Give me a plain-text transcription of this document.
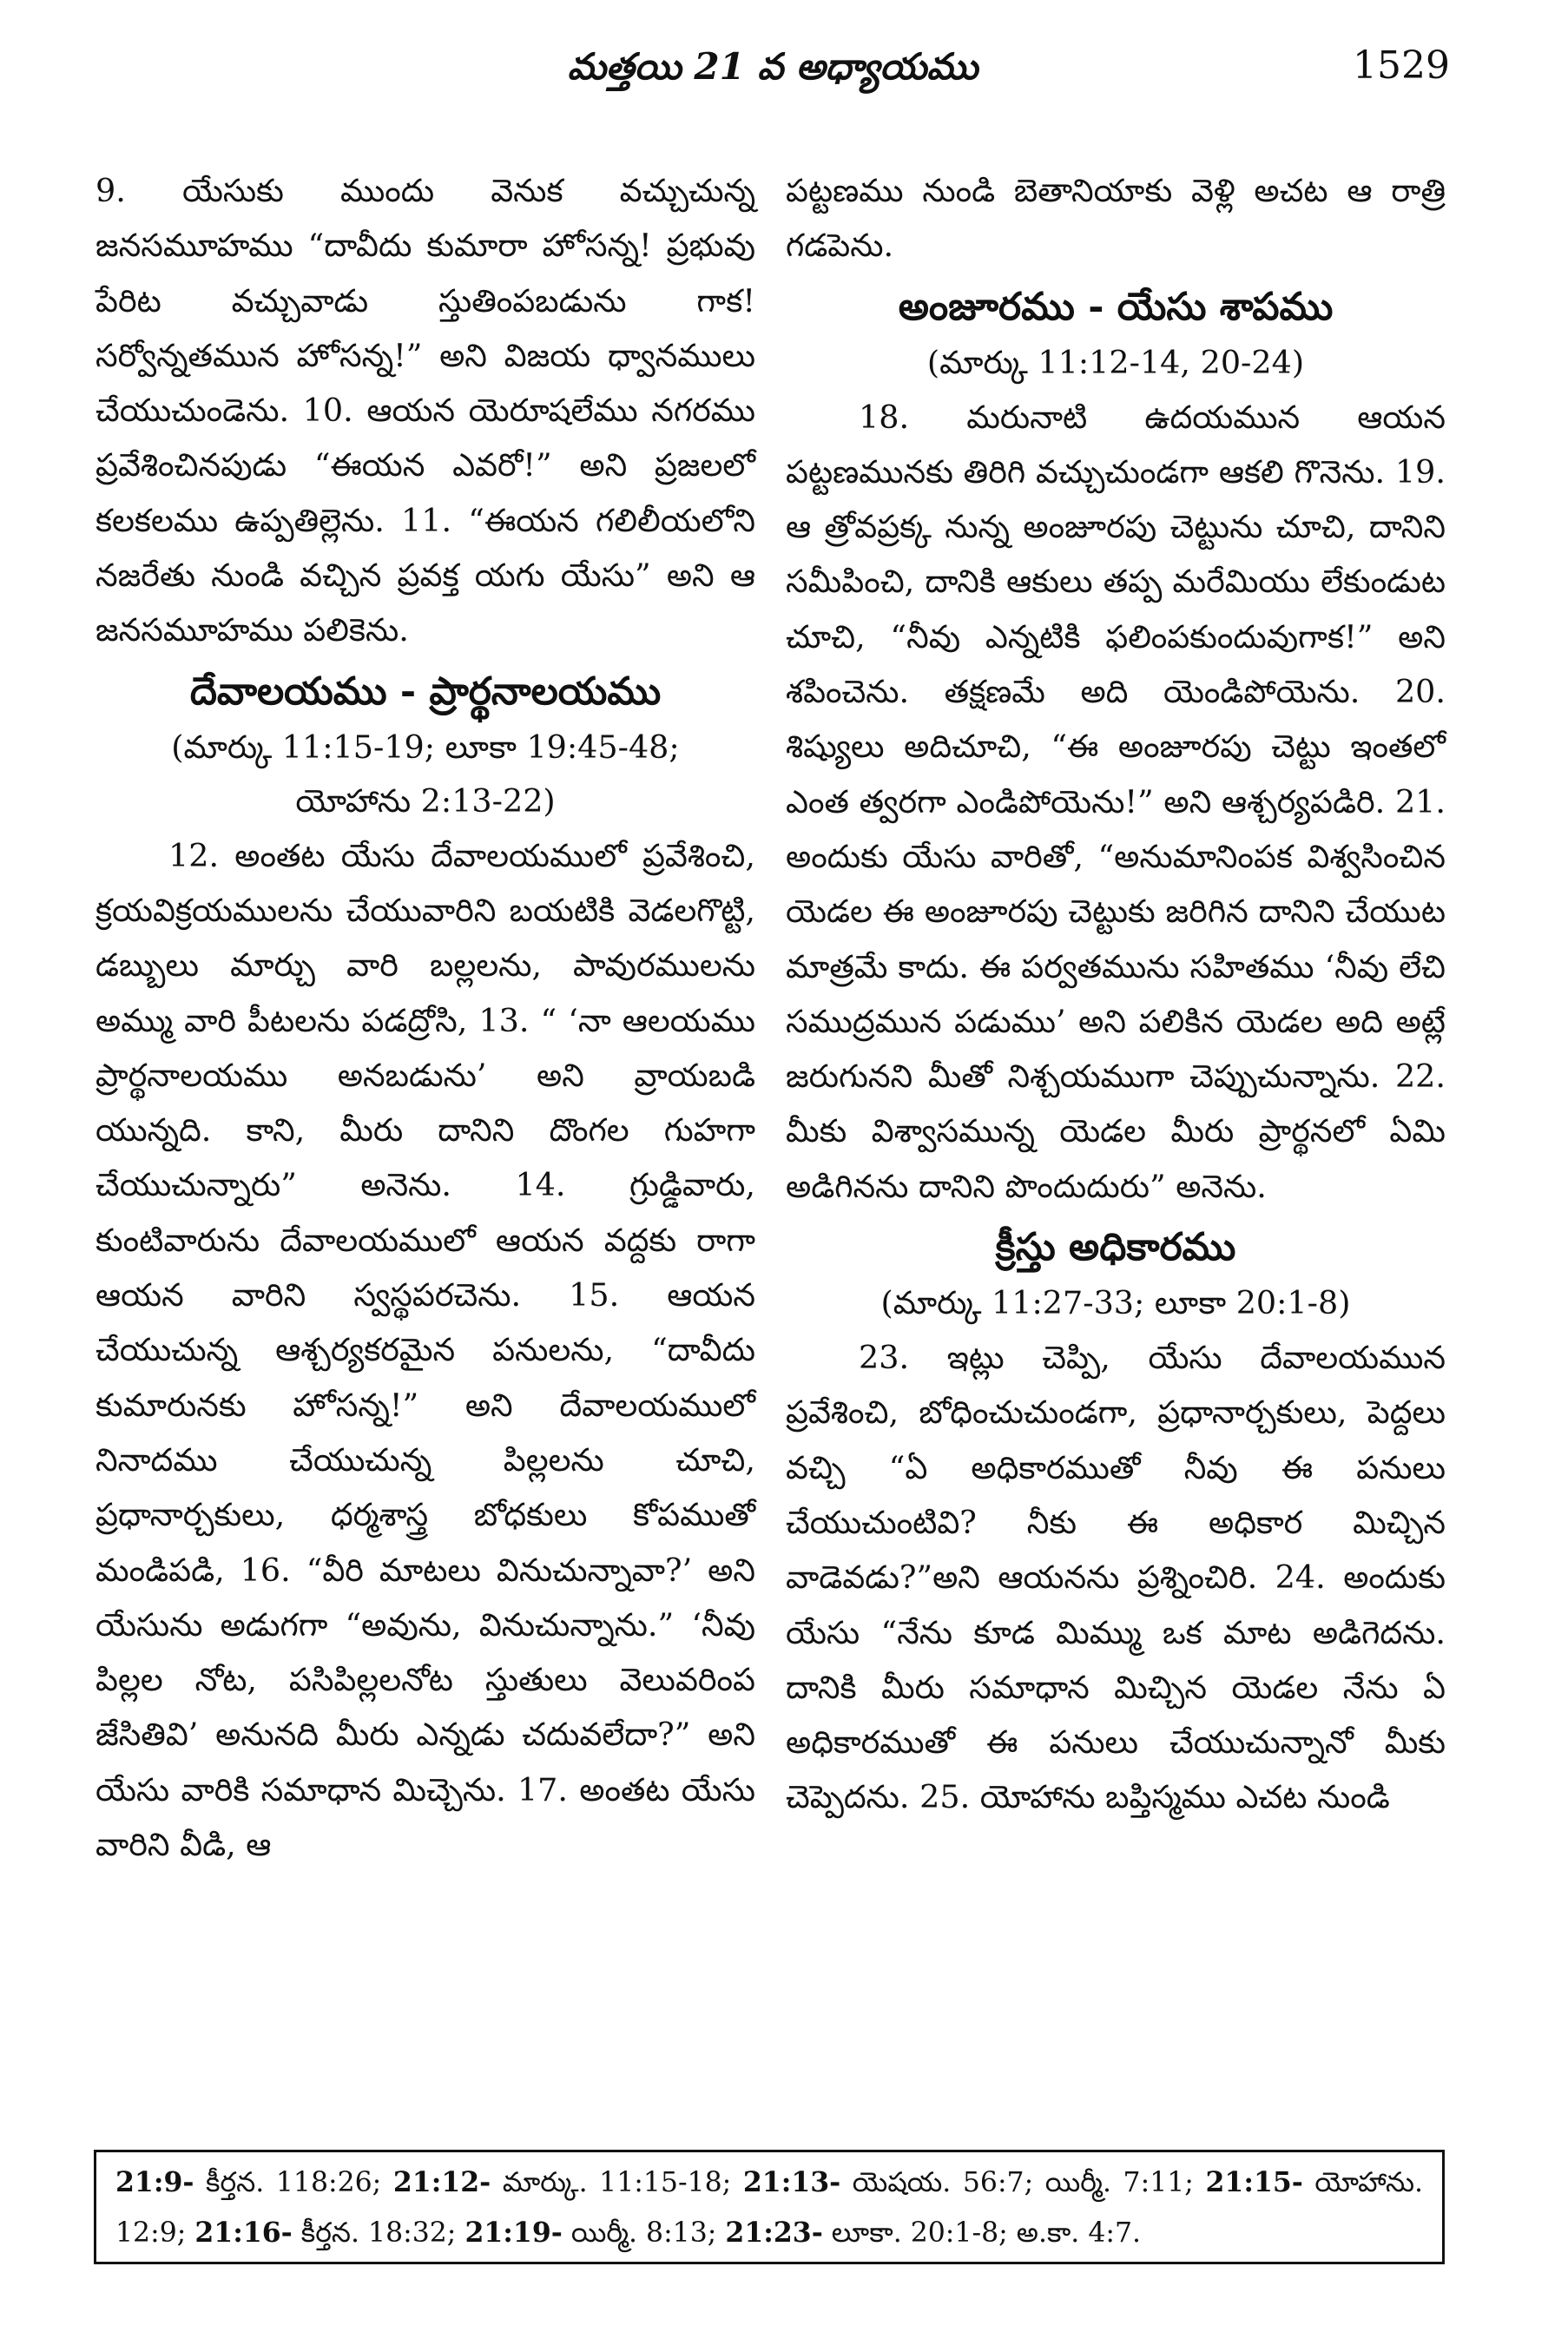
మత్తయి 21 వ అధ్యాయము	1529

9. యేసుకు ముందు వెనుక వచ్చుచున్న జనసమూహము “దావీదు కుమారా హోసన్న! ప్రభువు పేరిట వచ్చువాడు స్తుతింపబడును గాక! సర్వోన్నతమున హోసన్న!” అని విజయ ధ్వానములు చేయుచుండెను. 10. ఆయన యెరూషలేము నగరము ప్రవేశించినపుడు “ఈయన ఎవరో!” అని ప్రజలలో కలకలము ఉప్పతిల్లెను. 11. “ఈయన గలిలీయలోని నజరేతు నుండి వచ్చిన ప్రవక్త యగు యేసు” అని ఆ జనసమూహము పలికెను.

దేవాలయము - ప్రార్థనాలయము
(మార్కు 11:15-19; లూకా 19:45-48;
యోహాను 2:13-22)

12. అంతట యేసు దేవాలయములో ప్రవేశించి, క్రయవిక్రయములను చేయువారిని బయటికి వెడలగొట్టి, డబ్బులు మార్చు వారి బల్లలను, పావురములను అమ్ము వారి పీటలను పడద్రోసి, 13. “ ‘నా ఆలయము ప్రార్థనాలయము అనబడును’ అని వ్రాయబడి యున్నది. కాని, మీరు దానిని దొంగల గుహగా చేయుచున్నారు” అనెను. 14. గ్రుడ్డివారు, కుంటివారును దేవాలయములో ఆయన వద్దకు రాగా ఆయన వారిని స్వస్థపరచెను. 15. ఆయన చేయుచున్న ఆశ్చర్యకరమైన పనులను, “దావీదు కుమారునకు హోసన్న!” అని దేవాలయములో నినాదము చేయుచున్న పిల్లలను చూచి, ప్రధానార్చకులు, ధర్మశాస్త్ర బోధకులు కోపముతో మండిపడి, 16. “వీరి మాటలు వినుచున్నావా?’ అని యేసును అడుగగా “అవును, వినుచున్నాను.” ‘నీవు పిల్లల నోట, పసిపిల్లలనోట స్తుతులు వెలువరింప జేసితివి’ అనునది మీరు ఎన్నడు చదువలేదా?” అని యేసు వారికి సమాధాన మిచ్చెను. 17. అంతట యేసు వారిని వీడి, ఆ

పట్టణము నుండి బెతానియాకు వెళ్లి అచట ఆ రాత్రి గడపెను.

అంజూరము - యేసు శాపము
(మార్కు 11:12-14, 20-24)

18. మరునాటి ఉదయమున ఆయన పట్టణమునకు తిరిగి వచ్చుచుండగా ఆకలి గొనెను. 19. ఆ త్రోవప్రక్క నున్న అంజూరపు చెట్టును చూచి, దానిని సమీపించి, దానికి ఆకులు తప్ప మరేమియు లేకుండుట చూచి, “నీవు ఎన్నటికి ఫలింపకుందువుగాక!” అని శపించెను. తక్షణమే అది యెండిపోయెను. 20. శిష్యులు అదిచూచి, “ఈ అంజూరపు చెట్టు ఇంతలో ఎంత త్వరగా ఎండిపోయెను!” అని ఆశ్చర్యపడిరి. 21. అందుకు యేసు వారితో, “అనుమానింపక విశ్వసించిన యెడల ఈ అంజూరపు చెట్టుకు జరిగిన దానిని చేయుట మాత్రమే కాదు. ఈ పర్వతమును సహితము ‘నీవు లేచి సముద్రమున పడుము’ అని పలికిన యెడల అది అట్లే జరుగునని మీతో నిశ్చయముగా చెప్పుచున్నాను. 22. మీకు విశ్వాసమున్న యెడల మీరు ప్రార్థనలో ఏమి అడిగినను దానిని పొందుదురు” అనెను.

క్రీస్తు అధికారము
(మార్కు 11:27-33; లూకా 20:1-8)

23. ఇట్లు చెప్పి, యేసు దేవాలయమున ప్రవేశించి, బోధించుచుండగా, ప్రధానార్చకులు, పెద్దలు వచ్చి “ఏ అధికారముతో నీవు ఈ పనులు చేయుచుంటివి? నీకు ఈ అధికార మిచ్చిన వాడెవడు?”అని ఆయనను ప్రశ్నించిరి. 24. అందుకు యేసు “నేను కూడ మిమ్ము ఒక మాట అడిగెదను. దానికి మీరు సమాధాన మిచ్చిన యెడల నేను ఏ అధికారముతో ఈ పనులు చేయుచున్నానో మీకు చెప్పెదను. 25. యోహాను బప్తిస్మము ఎచట నుండి

21:9- కీర్తన. 118:26; 21:12- మార్కు. 11:15-18; 21:13- యెషయ. 56:7; యిర్మీ. 7:11; 21:15- యోహాను. 12:9; 21:16- కీర్తన. 18:32; 21:19- యిర్మీ. 8:13; 21:23- లూకా. 20:1-8; అ.కా. 4:7.
